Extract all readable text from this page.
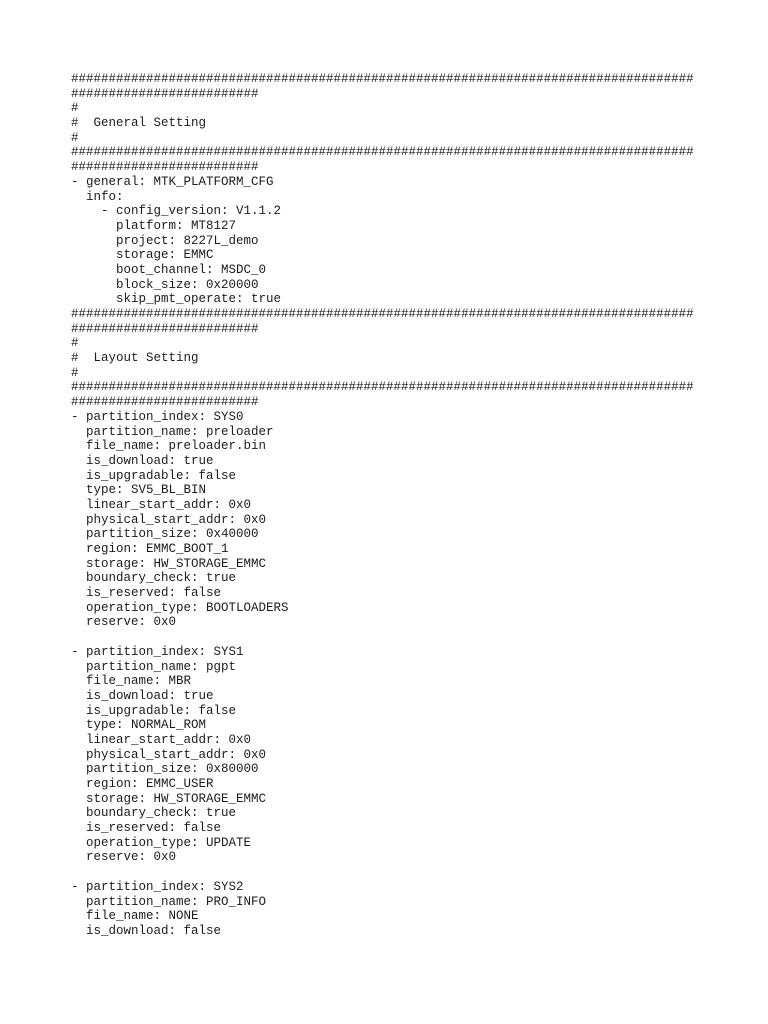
###################################################################################
#########################
#
#  General Setting
#
###################################################################################
#########################
- general: MTK_PLATFORM_CFG
info:
- config_version: V1.1.2
platform: MT8127
project: 8227L_demo
storage: EMMC
boot_channel: MSDC_0
block_size: 0x20000
skip_pmt_operate: true
###################################################################################
#########################
#
#  Layout Setting
#
###################################################################################
#########################
- partition_index: SYS0
partition_name: preloader
file_name: preloader.bin
is_download: true
is_upgradable: false
type: SV5_BL_BIN
linear_start_addr: 0x0
physical_start_addr: 0x0
partition_size: 0x40000
region: EMMC_BOOT_1
storage: HW_STORAGE_EMMC
boundary_check: true
is_reserved: false
operation_type: BOOTLOADERS
reserve: 0x0
- partition_index: SYS1
partition_name: pgpt
file_name: MBR
is_download: true
is_upgradable: false
type: NORMAL_ROM
linear_start_addr: 0x0
physical_start_addr: 0x0
partition_size: 0x80000
region: EMMC_USER
storage: HW_STORAGE_EMMC
boundary_check: true
is_reserved: false
operation_type: UPDATE
reserve: 0x0
- partition_index: SYS2
partition_name: PRO_INFO
file_name: NONE
is_download: false
